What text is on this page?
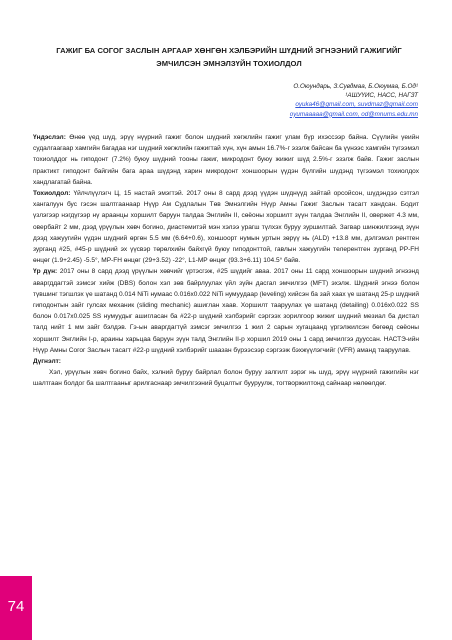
ГАЖИГ БА СОГОГ ЗАСЛЫН АРГААР ХӨНГӨН ХЭЛБЭРИЙН ШҮДНИЙ ЭГНЭЭНИЙ ГАЖИГИЙГ
ЭМЧИЛСЭН ЭМНЭЛЗҮЙН ТОХИОЛДОЛ
О.Оюундарь, З.Сувдмаа, Б.Оюумаа, Б.Од¹
¹АШУҮИС, НАСС, НАГЗТ
oyuka46@gmail.com, suvdmaz@gmail.com
oyumaaaaa@gmail.com, od@mnums.edu.mn

Үндэслэл: Өнөө үед шүд, эрүү нүүрний гажиг болон шүдний хөгжлийн гажиг улам бүр ихэссээр байна. Сүүлийн үеийн судалгаагаар хамгийн багадаа нэг шүдний хөгжлийн гажигтай хүн, хүн амын 16.7%-г эзэлж байсан ба үүнээс хамгийн түгээмэл тохиолддог нь гиподонт (7.2%) буюу шүдний тооны гажиг, микродонт буюу жижиг шүд 2.5%-г эзэлж байв. Гажиг заслын практикт гиподонт байгийн бага араа шүдэнд харин микродонт хоншоорын үүдэн бүлгийн шүдэнд түгээмэл тохиолдох хандлагатай байна.

Тохиолдол: Үйлчлүүлэгч Ц, 15 настай эмэгтэй. 2017 оны 8 сард дээд үүдэн шүднүүд зайтай орсойсон, шүдэндээ сэтгэл хангалуун бус гэсэн шалтгаанаар Нүүр Ам Судлалын Төв Эмнэлгийн Нүүр Амны Гажиг Заслын тасагт хандсан. Бодит үзлэгээр нэгдүгээр нү араанцы хоршилт баруун талдаа Энглийн II, сөёоны хоршилт зүүн талдаа Энглийн II, овержет 4.3 мм, овербайт 2 мм, дээд үрүүлын хөвч богино, диастемитэй мэн хэлээ урагш түлхэх буруу зуршилтай. Загвар шинжилгээнд зүүн дээд хажуугийн үүдэн шүдний өргөн 5.5 мм (6.64+0.6), хоншоорт нумын уртын зөрүү нь (ALD) +13.8 мм, дэлгэмэл рентген зурганд #25, #45-р шүдний эх үүсвэр төрөлхийн байхгүй буюу гиподонттой, гавлын хажуугийн телерентген зурганд PP-FH өнцөг (1.9+2.45) -5.5°, MP-FH өнцөг (29+3.52) -22°, L1-MP өнцөг (93.3+6.11) 104.5° байв.

Үр дүн: 2017 оны 8 сард дээд үрүүлын хөвчийг үртэсгэж, #25 шүдийг аваа. 2017 оны 11 сард хоншоорын шүдний эгнээнд аваргддагтэй зэмсэг хийж (DBS) болон хэл зөв байрлуулах үйл зүйн дасгал эмчилгээ (MFT) эхэлж. Шүдний эгнээ болон түвшинг тэгшлэх үе шатанд 0.014 NiTi нумаас 0.016x0.022 NiTi нумуудаар (leveling) хийсэн ба зай хаах үе шатанд 25-р шүдний гиподонтын зайг гулсах механик (sliding mechanic) ашиглан хаав. Хоршилт тааруулах үе шатанд (detailing) 0.016x0.022 SS болон 0.017x0.025 SS нумуудыг ашигласан ба #22-р шүдний хэлбэрийг сэргээх зорилгоор жижиг шүдний мезиал ба дистал талд нийт 1 мм зайг бэлдэв. Гэ-ын аваргдагтүй зэмсэг эмчилгээ 1 жил 2 сарын хугацаанд үргэлжилсэн бөгөөд сөёоны хоршилт Энглийн I-р, араины харьцаа баруун зүүн талд Энглийн II-р хоршил 2019 оны 1 сард эмчилгээ дууссан. НАСТЭ-ийн Нүүр Амны Согог Заслын тасагт #22-р шүдний хэлбэрийг шаазан бүрээсээр сэргээж бэхжүүлэгчийг (VFR) аманд тааруулав.

Дүгнэлт:

Хэл, урүүлын хөвч богино байх, хэлний буруу байрлал болон буруу залгилт зэрэг нь шүд, эрүү нүүрний гажигийн нэг шалтгаан болдог ба шалтгааныг арилгаснаар эмчилгээний буцалтыг бууруулж, тогтворжилтонд сайнаар нөлөөлдөг.

74
